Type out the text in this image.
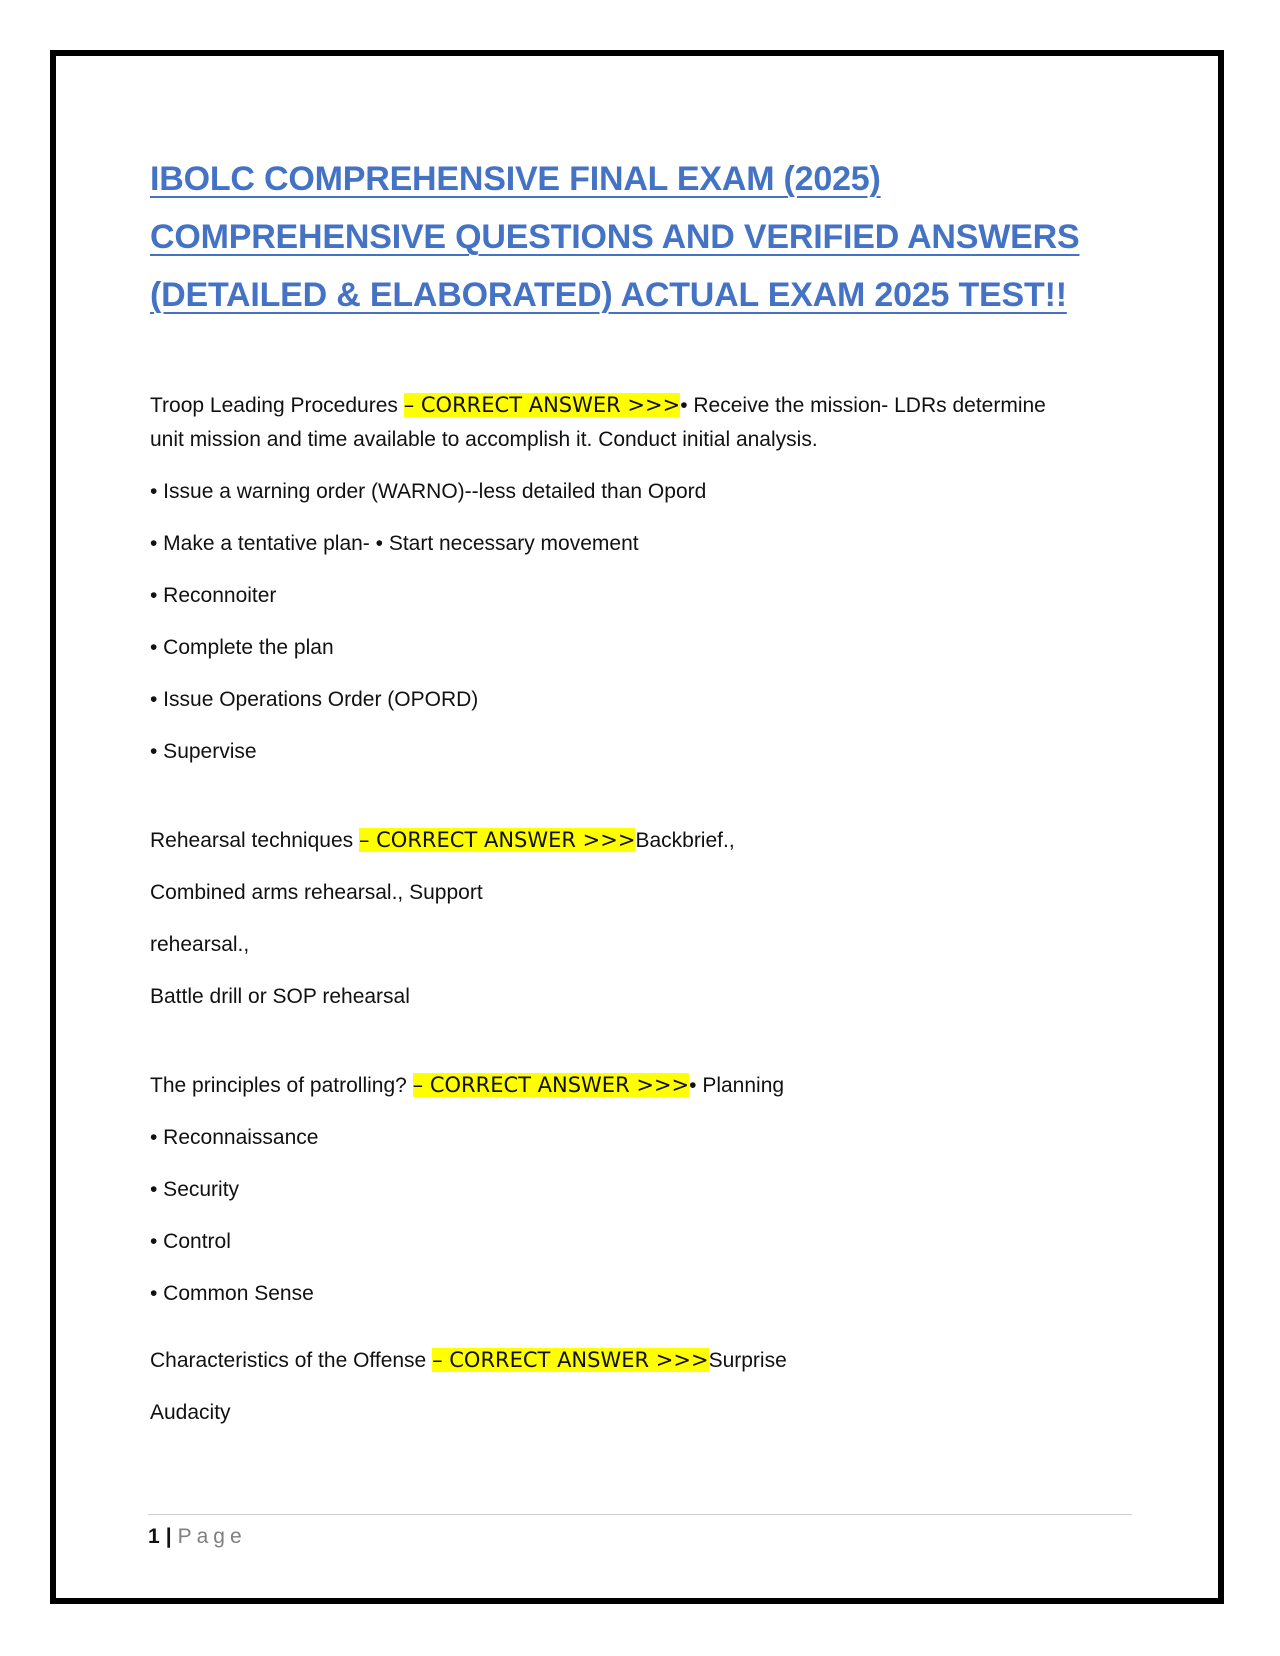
IBOLC COMPREHENSIVE FINAL EXAM (2025)
COMPREHENSIVE QUESTIONS AND VERIFIED ANSWERS
(DETAILED & ELABORATED) ACTUAL EXAM 2025 TEST!!

Troop Leading Procedures – CORRECT ANSWER >>>• Receive the mission- LDRs determine
unit mission and time available to accomplish it. Conduct initial analysis.

• Issue a warning order (WARNO)--less detailed than Opord

• Make a tentative plan- • Start necessary movement

• Reconnoiter

• Complete the plan

• Issue Operations Order (OPORD)

• Supervise

Rehearsal techniques – CORRECT ANSWER >>>Backbrief.,

Combined arms rehearsal., Support

rehearsal.,

Battle drill or SOP rehearsal

The principles of patrolling? – CORRECT ANSWER >>>• Planning

• Reconnaissance

• Security

• Control

• Common Sense

Characteristics of the Offense – CORRECT ANSWER >>>Surprise

Audacity

1 | Page
